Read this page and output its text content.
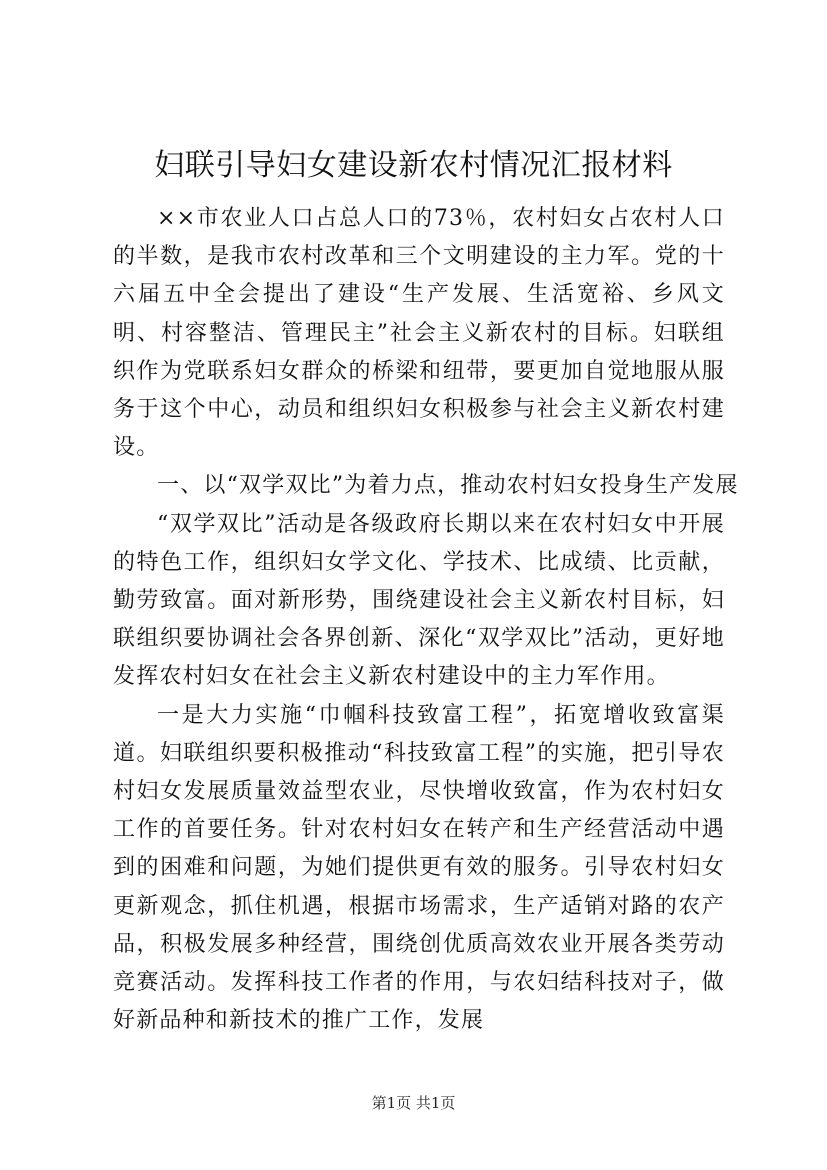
妇联引导妇女建设新农村情况汇报材料

××市农业人口占总人口的73％，农村妇女占农村人口的半数，是我市农村改革和三个文明建设的主力军。党的十六届五中全会提出了建设“生产发展、生活宽裕、乡风文明、村容整洁、管理民主”社会主义新农村的目标。妇联组织作为党联系妇女群众的桥梁和纽带，要更加自觉地服从服务于这个中心，动员和组织妇女积极参与社会主义新农村建设。

一、以“双学双比”为着力点，推动农村妇女投身生产发展

“双学双比”活动是各级政府长期以来在农村妇女中开展的特色工作，组织妇女学文化、学技术、比成绩、比贡献，勤劳致富。面对新形势，围绕建设社会主义新农村目标，妇联组织要协调社会各界创新、深化“双学双比”活动，更好地发挥农村妇女在社会主义新农村建设中的主力军作用。

一是大力实施“巾帼科技致富工程”，拓宽增收致富渠道。妇联组织要积极推动“科技致富工程”的实施，把引导农村妇女发展质量效益型农业，尽快增收致富，作为农村妇女工作的首要任务。针对农村妇女在转产和生产经营活动中遇到的困难和问题，为她们提供更有效的服务。引导农村妇女更新观念，抓住机遇，根据市场需求，生产适销对路的农产品，积极发展多种经营，围绕创优质高效农业开展各类劳动竞赛活动。发挥科技工作者的作用，与农妇结科技对子，做好新品种和新技术的推广工作，发展

第1页 共1页
